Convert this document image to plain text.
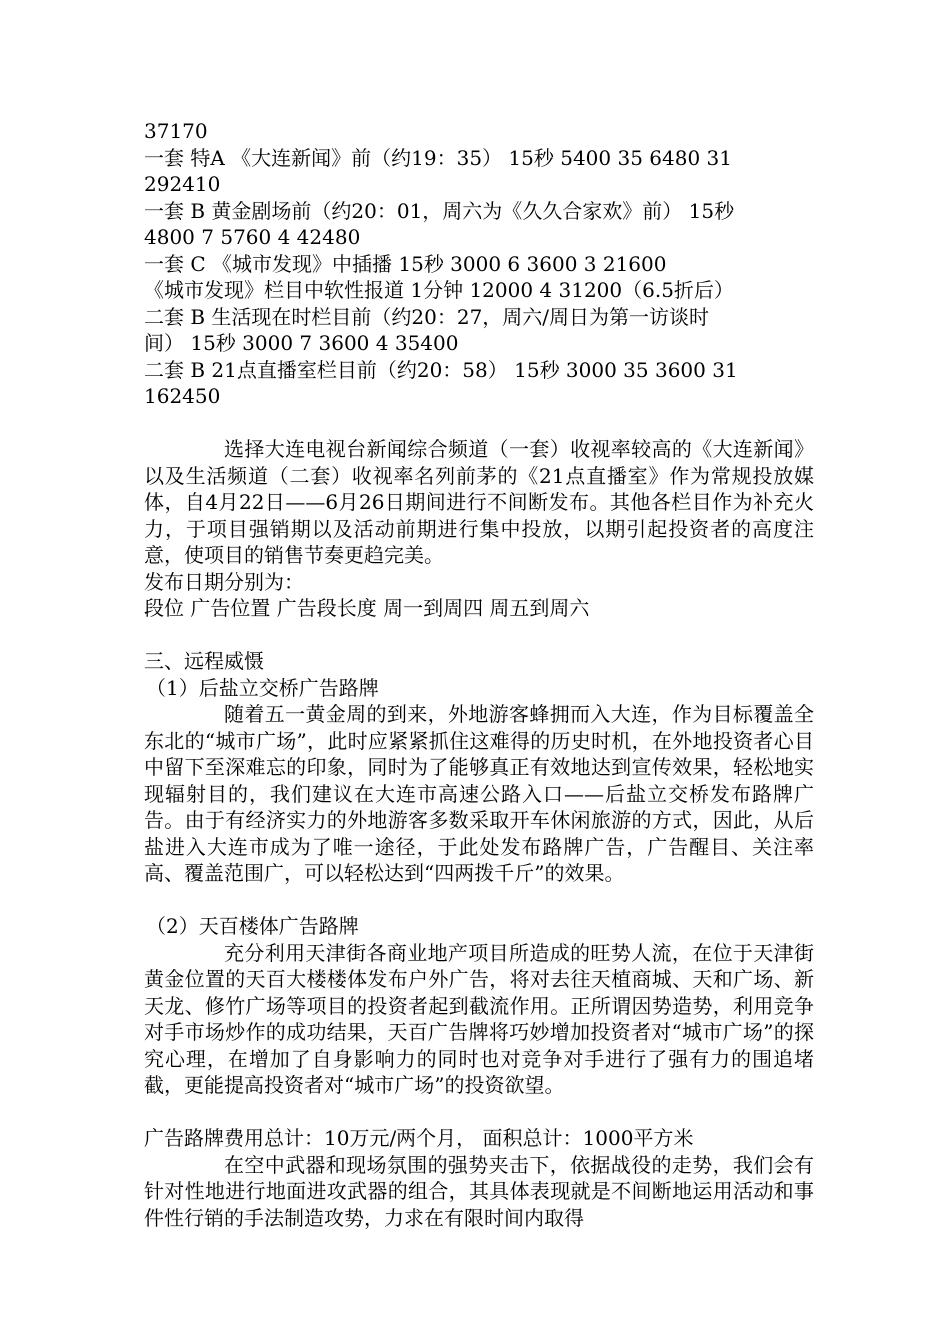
37170
一套 特A 《大连新闻》前（约19：35） 15秒 5400 35 6480 31
292410
一套 B 黄金剧场前（约20：01，周六为《久久合家欢》前） 15秒
4800 7 5760 4 42480
一套 C 《城市发现》中插播 15秒 3000 6 3600 3 21600
《城市发现》栏目中软性报道 1分钟 12000 4 31200（6.5折后）
二套 B 生活现在时栏目前（约20：27，周六/周日为第一访谈时
间） 15秒 3000 7 3600 4 35400
二套 B 21点直播室栏目前（约20：58） 15秒 3000 35 3600 31
162450
选择大连电视台新闻综合频道（一套）收视率较高的《大连新闻》以及生活频道（二套）收视率名列前茅的《21点直播室》作为常规投放媒体，自4月22日——6月26日期间进行不间断发布。其他各栏目作为补充火力，于项目强销期以及活动前期进行集中投放，以期引起投资者的高度注意，使项目的销售节奏更趋完美。
发布日期分别为：
段位 广告位置 广告段长度 周一到周四 周五到周六
三、远程威慑
（1）后盐立交桥广告路牌
随着五一黄金周的到来，外地游客蜂拥而入大连，作为目标覆盖全东北的“城市广场”，此时应紧紧抓住这难得的历史时机，在外地投资者心目中留下至深难忘的印象，同时为了能够真正有效地达到宣传效果，轻松地实现辐射目的，我们建议在大连市高速公路入口——后盐立交桥发布路牌广告。由于有经济实力的外地游客多数采取开车休闲旅游的方式，因此，从后盐进入大连市成为了唯一途径，于此处发布路牌广告，广告醒目、关注率高、覆盖范围广，可以轻松达到“四两拨千斤”的效果。
（2）天百楼体广告路牌
充分利用天津街各商业地产项目所造成的旺势人流，在位于天津街黄金位置的天百大楼楼体发布户外广告，将对去往天植商城、天和广场、新天龙、修竹广场等项目的投资者起到截流作用。正所谓因势造势，利用竞争对手市场炒作的成功结果，天百广告牌将巧妙增加投资者对“城市广场”的探究心理，在增加了自身影响力的同时也对竞争对手进行了强有力的围追堵截，更能提高投资者对“城市广场”的投资欲望。
广告路牌费用总计：10万元/两个月， 面积总计：1000平方米
在空中武器和现场氛围的强势夹击下，依据战役的走势，我们会有针对性地进行地面进攻武器的组合，其具体表现就是不间断地运用活动和事件性行销的手法制造攻势，力求在有限时间内取得
